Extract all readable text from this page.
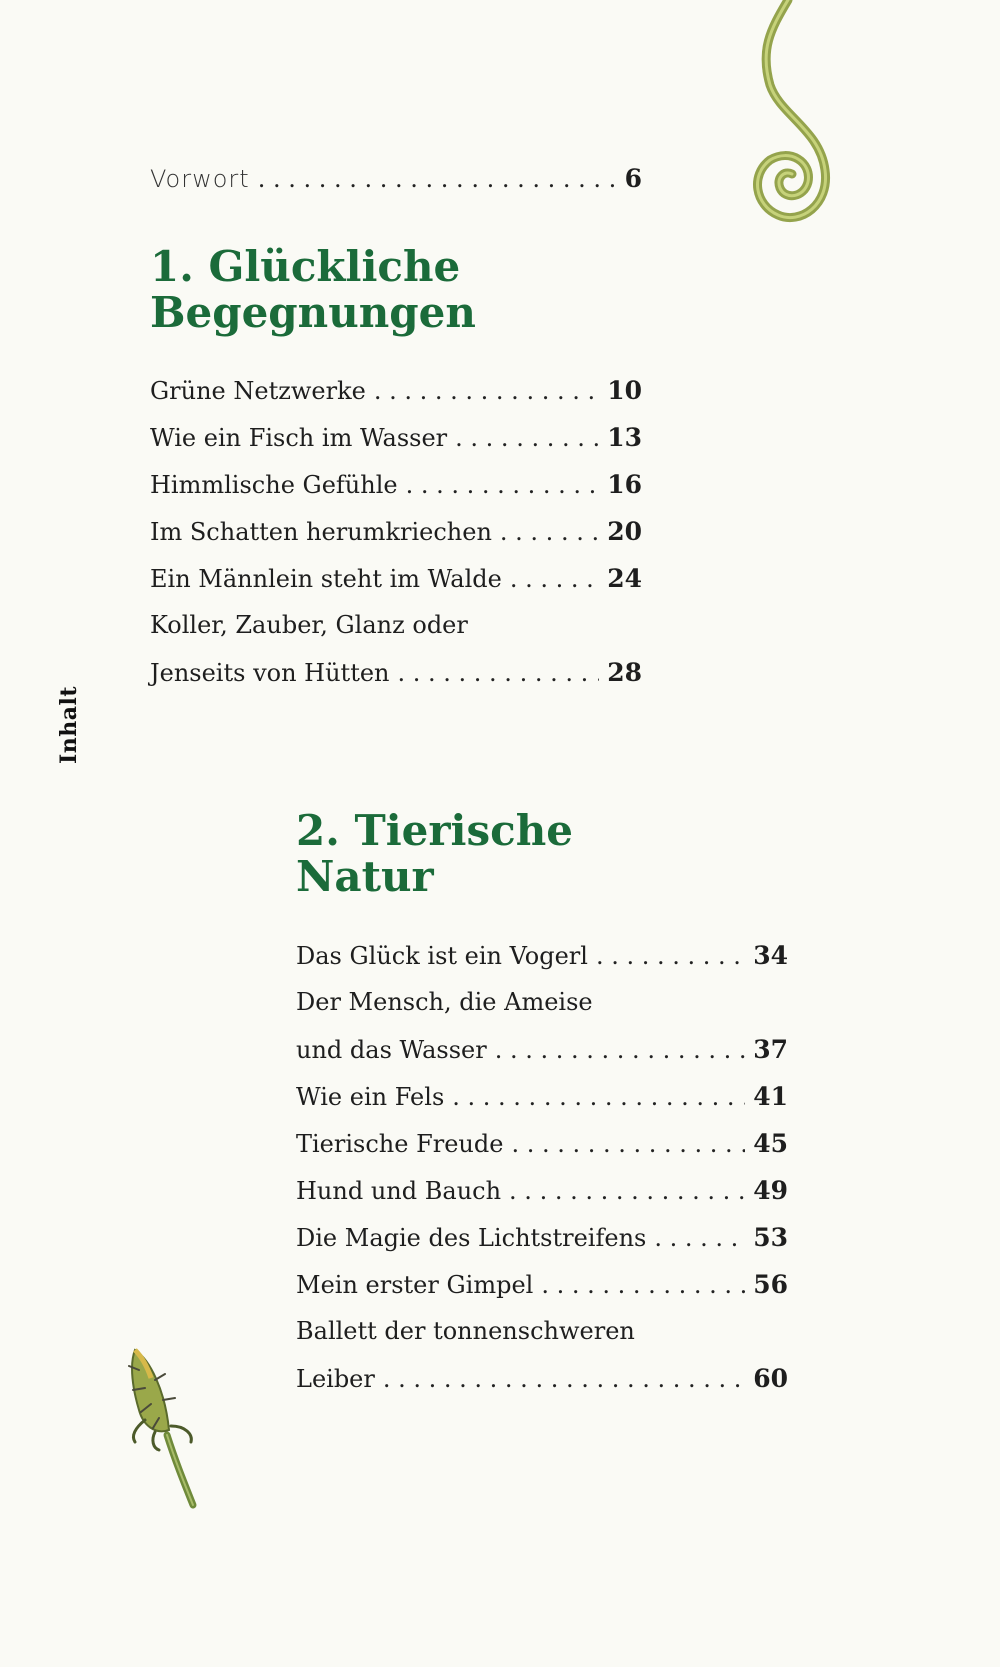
Inhalt
Vorwort . . .	6
1. Glückliche
Begegnungen
Grüne Netzwerke . . .	10
Wie ein Fisch im Wasser . . .	13
Himmlische Gefühle . . .	16
Im Schatten herumkriechen . . .	20
Ein Männlein steht im Walde . . .	24
Koller, Zauber, Glanz oder
Jenseits von Hütten . . .	28
2. Tierische
Natur
Das Glück ist ein Vogerl . . .	34
Der Mensch, die Ameise
und das Wasser . . .	37
Wie ein Fels . . .	41
Tierische Freude . . .	45
Hund und Bauch . . .	49
Die Magie des Lichtstreifens . . .	53
Mein erster Gimpel . . .	56
Ballett der tonnenschweren
Leiber . . .	60
